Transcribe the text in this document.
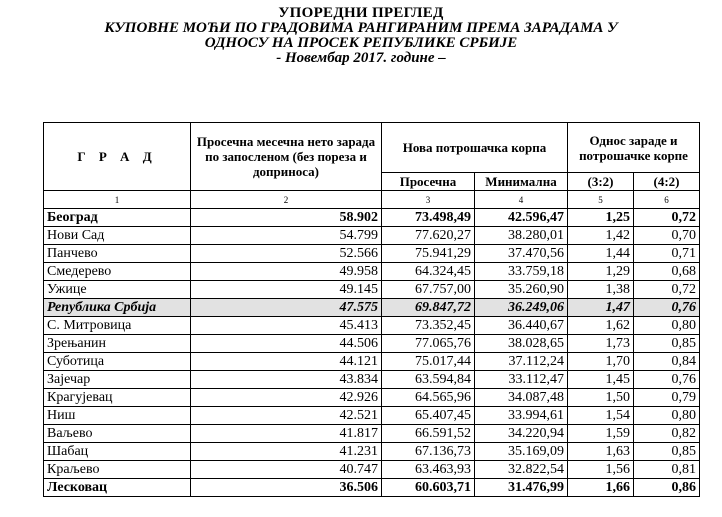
УПОРЕДНИ ПРЕГЛЕД
КУПОВНЕ МОЋИ ПО ГРАДОВИМА РАНГИРАНИМ ПРЕМА ЗАРАДАМА У
ОДНОСУ НА ПРОСЕК РЕПУБЛИКЕ СРБИЈЕ
- Новембар 2017. године –
Г Р А Д	Просечна месечна нето зарада по запосленом (без пореза и доприноса)	Нова потрошачка корпа		Однос зараде и потрошачке корпе	
		Просечна	Минимална	(3:2)	(4:2)
1	2	3	4	5	6
Београд	58.902	73.498,49	42.596,47	1,25	0,72
Нови Сад	54.799	77.620,27	38.280,01	1,42	0,70
Панчево	52.566	75.941,29	37.470,56	1,44	0,71
Смедерево	49.958	64.324,45	33.759,18	1,29	0,68
Ужице	49.145	67.757,00	35.260,90	1,38	0,72
Република Србија	47.575	69.847,72	36.249,06	1,47	0,76
С. Митровица	45.413	73.352,45	36.440,67	1,62	0,80
Зрењанин	44.506	77.065,76	38.028,65	1,73	0,85
Суботица	44.121	75.017,44	37.112,24	1,70	0,84
Зајечар	43.834	63.594,84	33.112,47	1,45	0,76
Крагујевац	42.926	64.565,96	34.087,48	1,50	0,79
Ниш	42.521	65.407,45	33.994,61	1,54	0,80
Ваљево	41.817	66.591,52	34.220,94	1,59	0,82
Шабац	41.231	67.136,73	35.169,09	1,63	0,85
Краљево	40.747	63.463,93	32.822,54	1,56	0,81
Лесковац	36.506	60.603,71	31.476,99	1,66	0,86
